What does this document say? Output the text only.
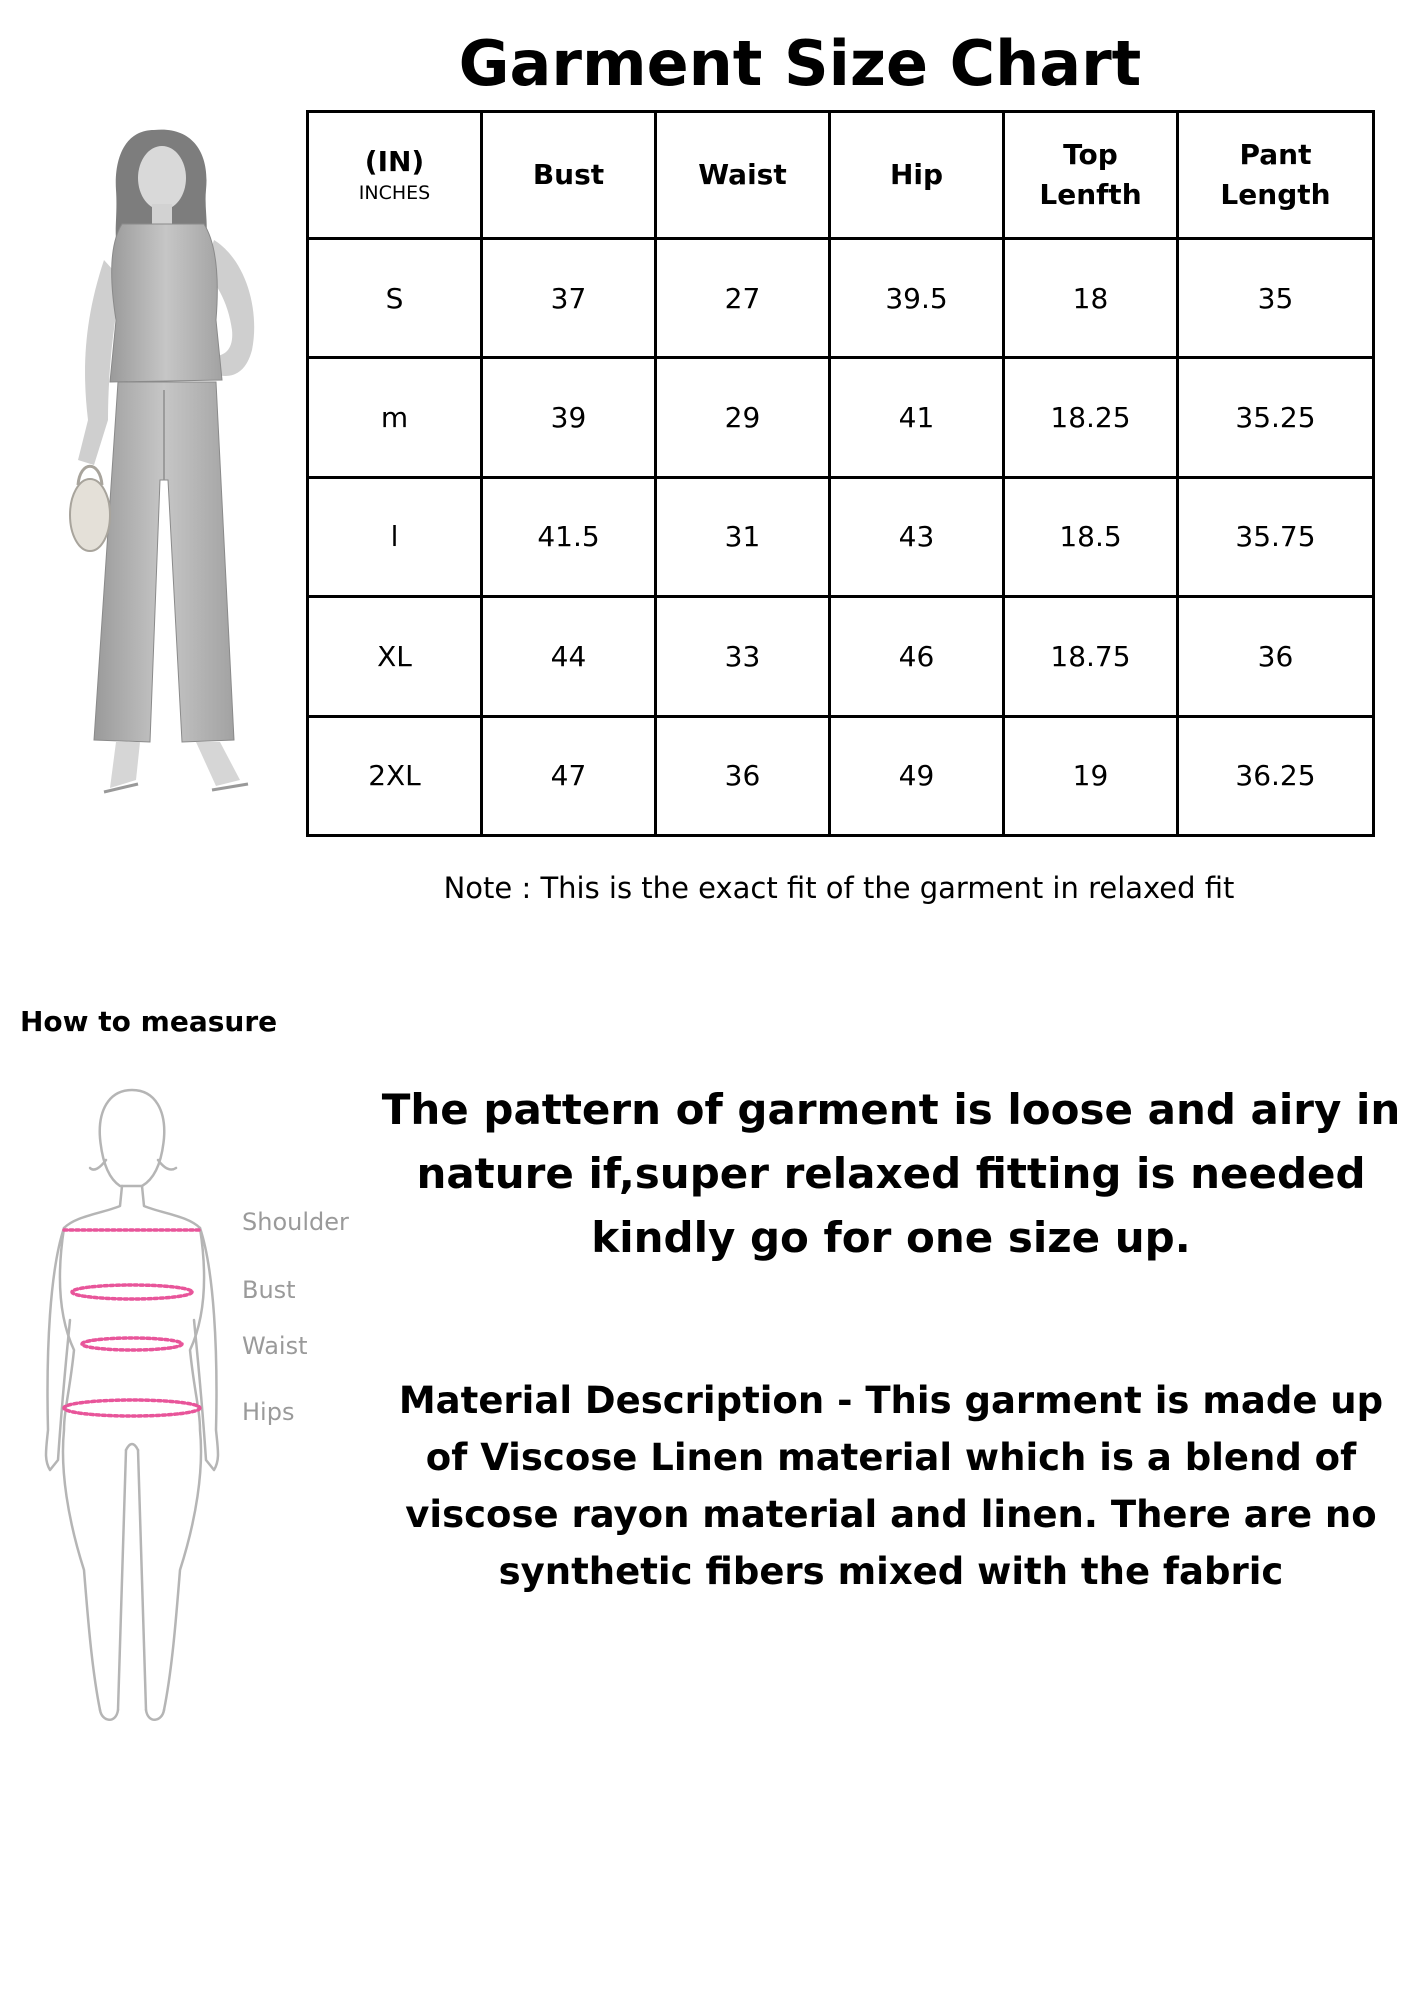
Garment Size Chart
(IN)
INCHES	Bust	Waist	Hip	Top Lenfth	Pant Length
S	37	27	39.5	18	35
m	39	29	41	18.25	35.25
l	41.5	31	43	18.5	35.75
XL	44	33	46	18.75	36
2XL	47	36	49	19	36.25

Note : This is the exact fit of the garment in relaxed fit

How to measure
Shoulder
Bust
Waist
Hips

The pattern of garment is loose and airy in nature if,super relaxed fitting is needed kindly go for one size up.

Material Description - This garment is made up of Viscose Linen material which is a blend of viscose rayon material and linen. There are no synthetic fibers mixed with the fabric
